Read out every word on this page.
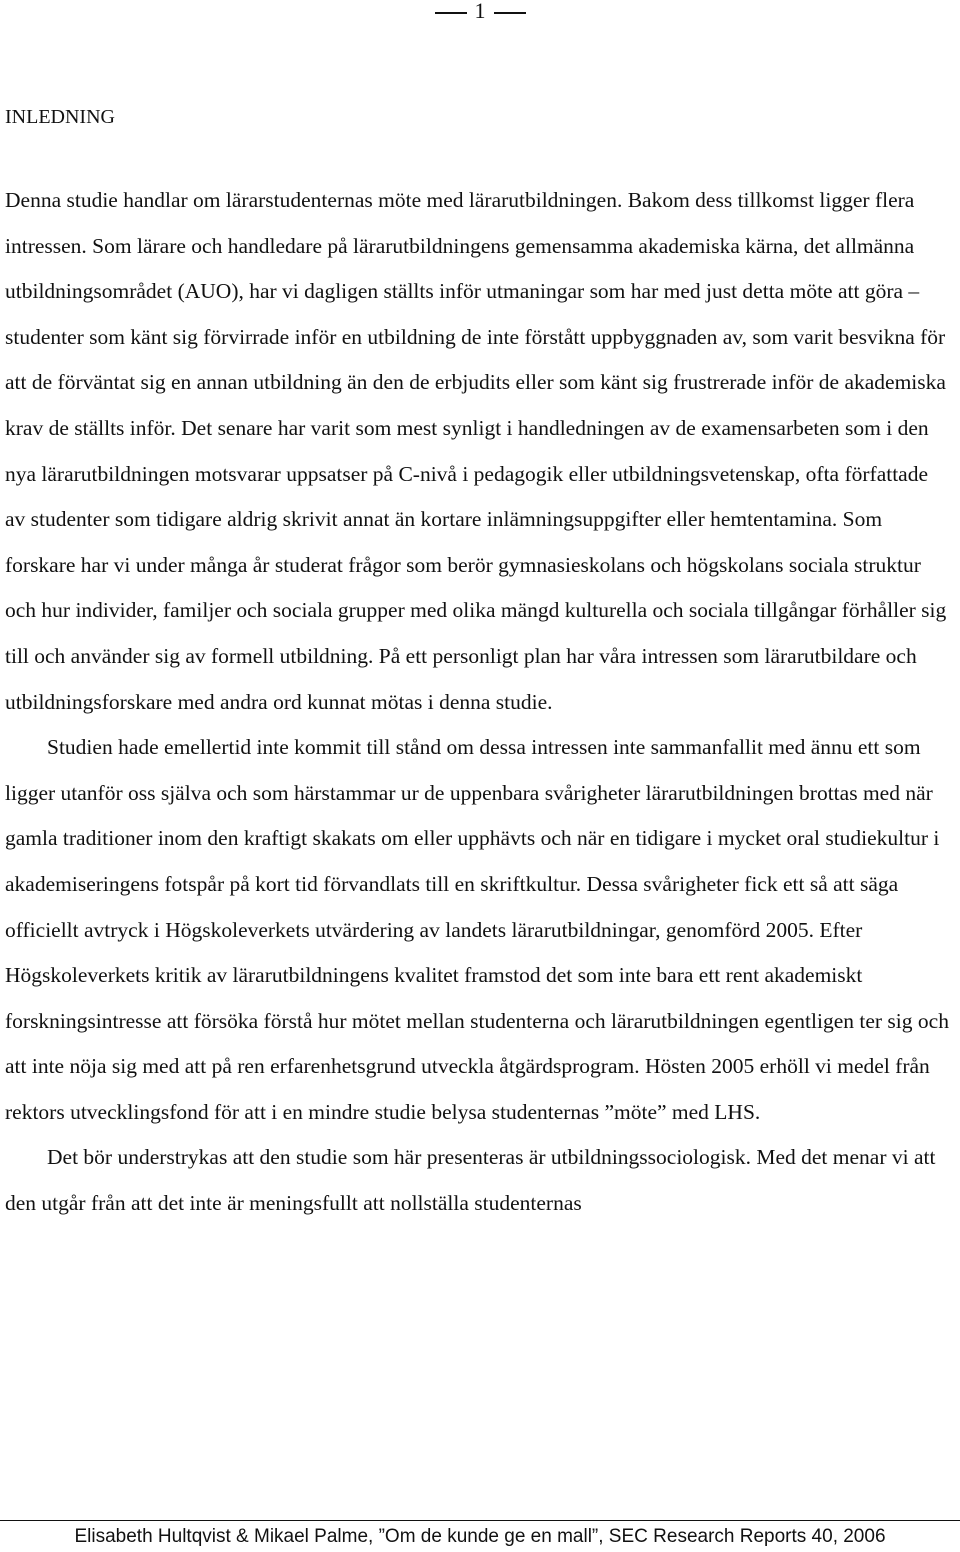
1
INLEDNING

Denna studie handlar om lärarstudenternas möte med lärarutbildningen. Bakom dess tillkomst ligger flera intressen. Som lärare och handledare på lärarutbildningens gemensamma akademiska kärna, det allmänna utbildningsområdet (AUO), har vi dagligen ställts inför utmaningar som har med just detta möte att göra – studenter som känt sig förvirrade inför en utbildning de inte förstått uppbyggnaden av, som varit besvikna för att de förväntat sig en annan utbildning än den de erbjudits eller som känt sig frustrerade inför de akademiska krav de ställts inför. Det senare har varit som mest synligt i handledningen av de examensarbeten som i den nya lärarutbildningen motsvarar uppsatser på C-nivå i pedagogik eller utbildningsvetenskap, ofta författade av studenter som tidigare aldrig skrivit annat än kortare inlämningsuppgifter eller hemtentamina. Som forskare har vi under många år studerat frågor som berör gymnasieskolans och högskolans sociala struktur och hur individer, familjer och sociala grupper med olika mängd kulturella och sociala tillgångar förhåller sig till och använder sig av formell utbildning. På ett personligt plan har våra intressen som lärarutbildare och utbildningsforskare med andra ord kunnat mötas i denna studie.

Studien hade emellertid inte kommit till stånd om dessa intressen inte sammanfallit med ännu ett som ligger utanför oss själva och som härstammar ur de uppenbara svårigheter lärarutbildningen brottas med när gamla traditioner inom den kraftigt skakats om eller upphävts och när en tidigare i mycket oral studiekultur i akademiseringens fotspår på kort tid förvandlats till en skriftkultur. Dessa svårigheter fick ett så att säga officiellt avtryck i Högskoleverkets utvärdering av landets lärarutbildningar, genomförd 2005. Efter Högskoleverkets kritik av lärarutbildningens kvalitet framstod det som inte bara ett rent akademiskt forskningsintresse att försöka förstå hur mötet mellan studenterna och lärarutbildningen egentligen ter sig och att inte nöja sig med att på ren erfarenhetsgrund utveckla åtgärdsprogram. Hösten 2005 erhöll vi medel från rektors utvecklingsfond för att i en mindre studie belysa studenternas ”möte” med LHS.

Det bör understrykas att den studie som här presenteras är utbildningssociologisk. Med det menar vi att den utgår från att det inte är meningsfullt att nollställa studenternas

Elisabeth Hultqvist & Mikael Palme, ”Om de kunde ge en mall”, SEC Research Reports 40, 2006
